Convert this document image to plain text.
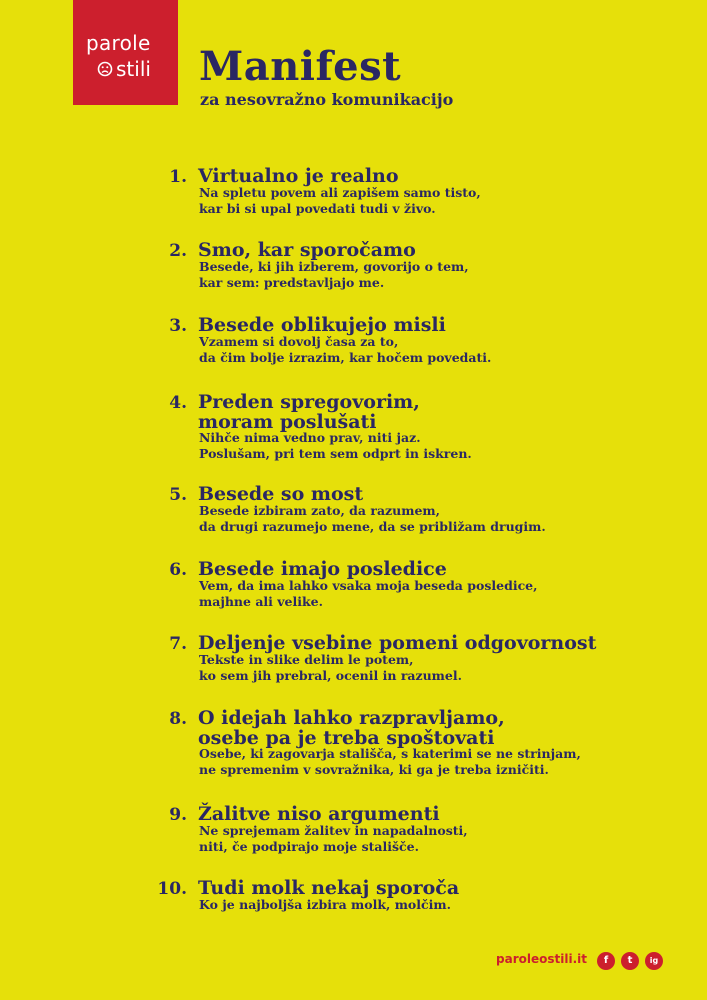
parole
stili Manifest
za nesovražno komunikacijo
1. Virtualno je realno
Na spletu povem ali zapišem samo tisto,
kar bi si upal povedati tudi v živo.
2. Smo, kar sporočamo
Besede, ki jih izberem, govorijo o tem,
kar sem: predstavljajo me.
3. Besede oblikujejo misli
Vzamem si dovolj časa za to,
da čim bolje izrazim, kar hočem povedati.
4. Preden spregovorim,
moram poslušati
Nihče nima vedno prav, niti jaz.
Poslušam, pri tem sem odprt in iskren.
5. Besede so most
Besede izbiram zato, da razumem,
da drugi razumejo mene, da se približam drugim.
6. Besede imajo posledice
Vem, da ima lahko vsaka moja beseda posledice,
majhne ali velike.
7. Deljenje vsebine pomeni odgovornost
Tekste in slike delim le potem,
ko sem jih prebral, ocenil in razumel.
8. O idejah lahko razpravljamo,
osebe pa je treba spoštovati
Osebe, ki zagovarja stališča, s katerimi se ne strinjam,
ne spremenim v sovražnika, ki ga je treba izničiti.
9. Žalitve niso argumenti
Ne sprejemam žalitev in napadalnosti,
niti, če podpirajo moje stališče.
10. Tudi molk nekaj sporoča
Ko je najboljša izbira molk, molčim.
paroleostili.it	f	t	ig
